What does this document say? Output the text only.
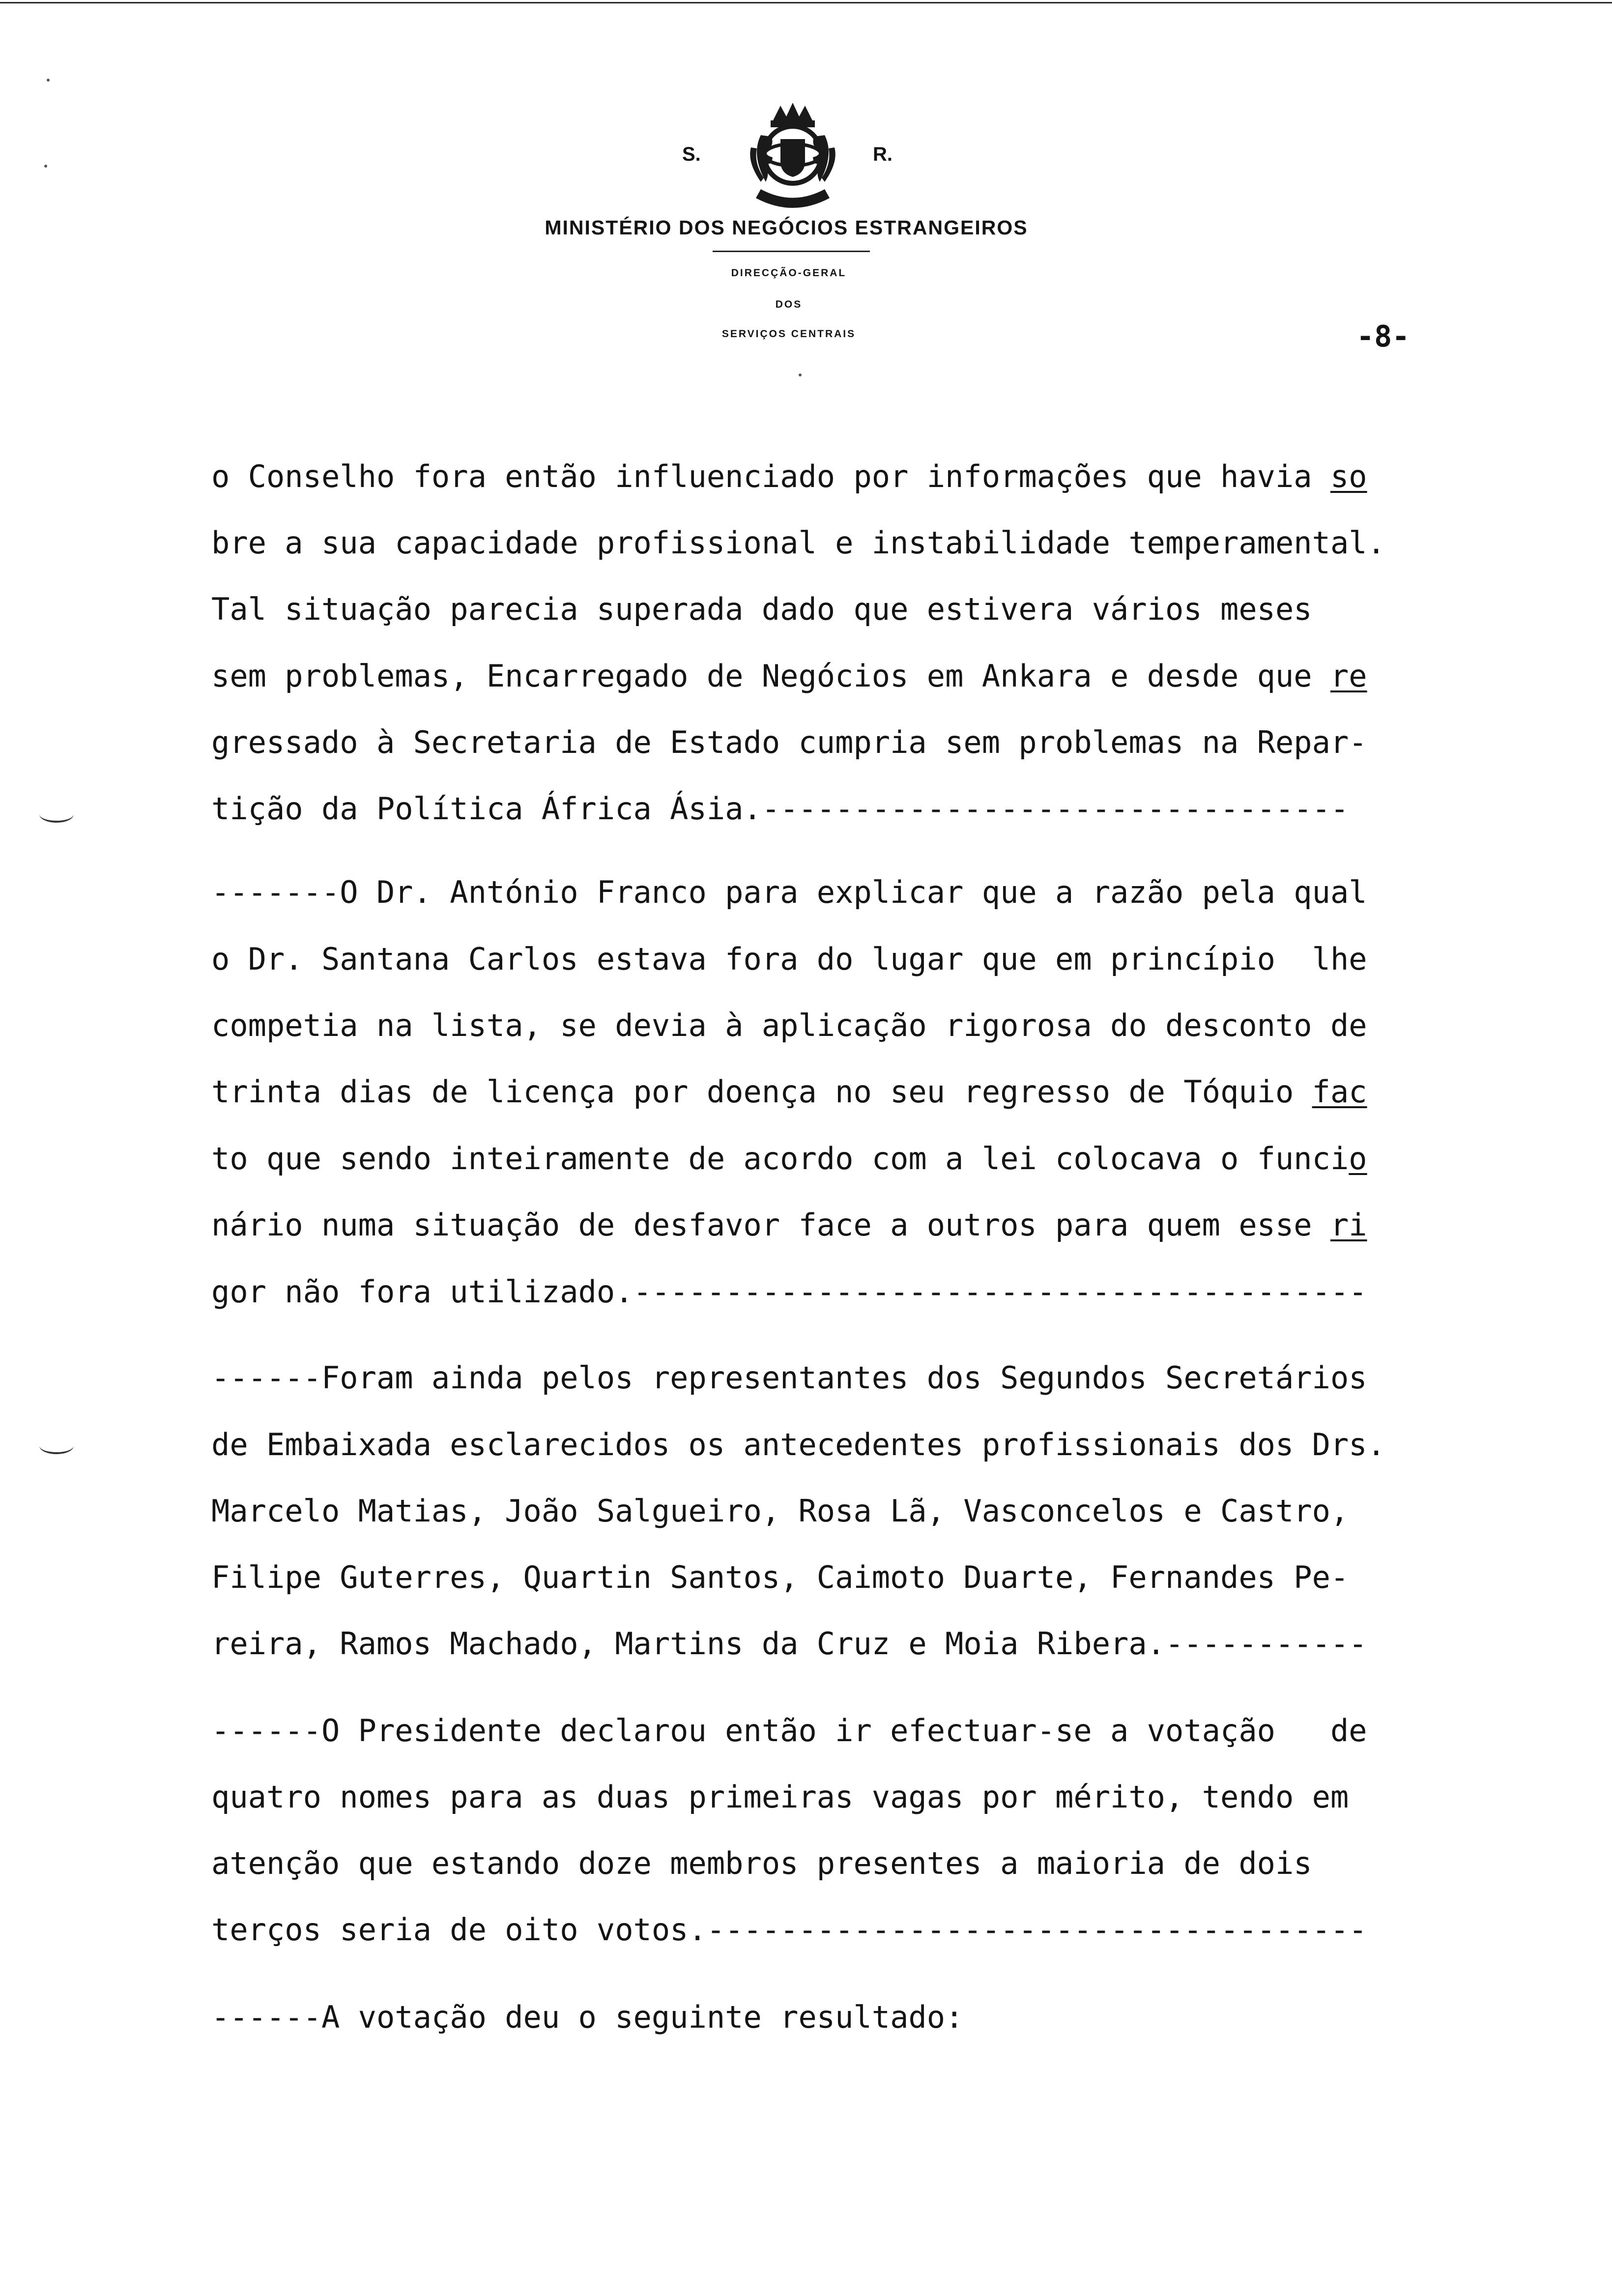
S.	R.
MINISTÉRIO DOS NEGÓCIOS ESTRANGEIROS
DIRECÇÃO-GERAL
DOS
SERVIÇOS CENTRAIS	-8-
o Conselho fora então influenciado por informações que havia so
bre a sua capacidade profissional e instabilidade temperamental.
Tal situação parecia superada dado que estivera vários meses
sem problemas, Encarregado de Negócios em Ankara e desde que re
gressado à Secretaria de Estado cumpria sem problemas na Repar-
tição da Política África Ásia.--------------------------------
-------O Dr. António Franco para explicar que a razão pela qual
o Dr. Santana Carlos estava fora do lugar que em princípio  lhe
competia na lista, se devia à aplicação rigorosa do desconto de
trinta dias de licença por doença no seu regresso de Tóquio fac
to que sendo inteiramente de acordo com a lei colocava o funcio
nário numa situação de desfavor face a outros para quem esse ri
gor não fora utilizado.----------------------------------------
------Foram ainda pelos representantes dos Segundos Secretários
de Embaixada esclarecidos os antecedentes profissionais dos Drs.
Marcelo Matias, João Salgueiro, Rosa Lã, Vasconcelos e Castro,
Filipe Guterres, Quartin Santos, Caimoto Duarte, Fernandes Pe-
reira, Ramos Machado, Martins da Cruz e Moia Ribera.-----------
------O Presidente declarou então ir efectuar-se a votação   de
quatro nomes para as duas primeiras vagas por mérito, tendo em
atenção que estando doze membros presentes a maioria de dois
terços seria de oito votos.------------------------------------
------A votação deu o seguinte resultado:
